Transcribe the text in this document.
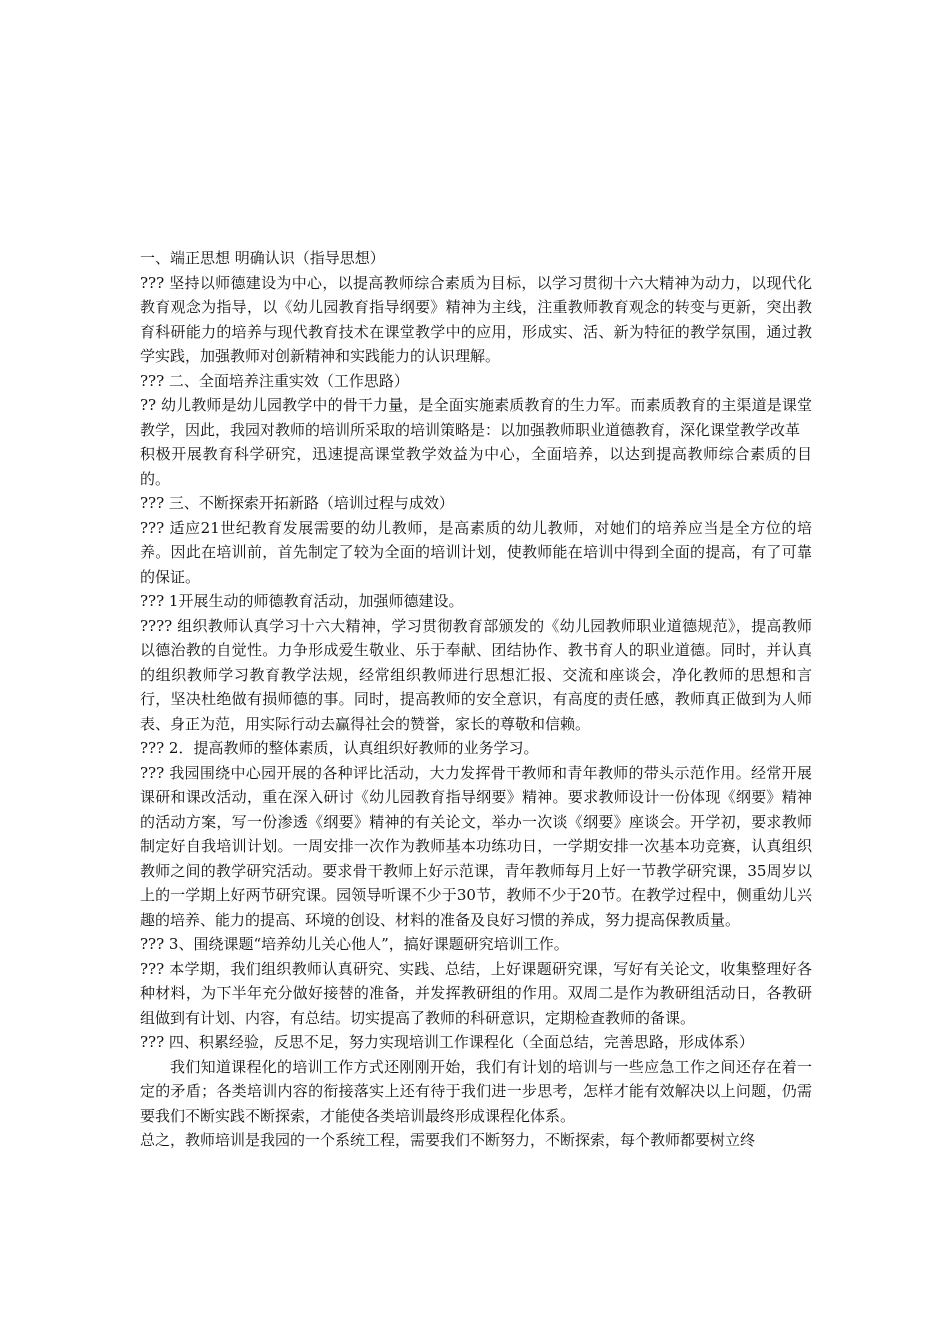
一、端正思想 明确认识（指导思想）

??? 坚持以师德建设为中心，以提高教师综合素质为目标，以学习贯彻十六大精神为动力，以现代化教育观念为指导，以《幼儿园教育指导纲要》精神为主线，注重教师教育观念的转变与更新，突出教育科研能力的培养与现代教育技术在课堂教学中的应用，形成实、活、新为特征的教学氛围，通过教学实践，加强教师对创新精神和实践能力的认识理解。

??? 二、全面培养注重实效（工作思路）

?? 幼儿教师是幼儿园教学中的骨干力量，是全面实施素质教育的生力军。而素质教育的主渠道是课堂教学，因此，我园对教师的培训所采取的培训策略是：以加强教师职业道德教育，深化课堂教学改革

积极开展教育科学研究，迅速提高课堂教学效益为中心，全面培养，以达到提高教师综合素质的目的。

??? 三、不断探索开拓新路（培训过程与成效）

??? 适应21世纪教育发展需要的幼儿教师，是高素质的幼儿教师，对她们的培养应当是全方位的培养。因此在培训前，首先制定了较为全面的培训计划，使教师能在培训中得到全面的提高，有了可靠的保证。

??? 1开展生动的师德教育活动，加强师德建设。

???? 组织教师认真学习十六大精神，学习贯彻教育部颁发的《幼儿园教师职业道德规范》，提高教师以德治教的自觉性。力争形成爱生敬业、乐于奉献、团结协作、教书育人的职业道德。同时，并认真的组织教师学习教育教学法规，经常组织教师进行思想汇报、交流和座谈会，净化教师的思想和言行，坚决杜绝做有损师德的事。同时，提高教师的安全意识，有高度的责任感，教师真正做到为人师表、身正为范，用实际行动去赢得社会的赞誉，家长的尊敬和信赖。

??? 2．提高教师的整体素质，认真组织好教师的业务学习。

??? 我园围绕中心园开展的各种评比活动，大力发挥骨干教师和青年教师的带头示范作用。经常开展课研和课改活动，重在深入研讨《幼儿园教育指导纲要》精神。要求教师设计一份体现《纲要》精神的活动方案，写一份渗透《纲要》精神的有关论文，举办一次谈《纲要》座谈会。开学初，要求教师制定好自我培训计划。一周安排一次作为教师基本功练功日，一学期安排一次基本功竞赛，认真组织教师之间的教学研究活动。要求骨干教师上好示范课，青年教师每月上好一节教学研究课，35周岁以上的一学期上好两节研究课。园领导听课不少于30节，教师不少于20节。在教学过程中，侧重幼儿兴趣的培养、能力的提高、环境的创设、材料的准备及良好习惯的养成，努力提高保教质量。

??? 3、围绕课题“培养幼儿关心他人”，搞好课题研究培训工作。

??? 本学期，我们组织教师认真研究、实践、总结，上好课题研究课，写好有关论文，收集整理好各种材料，为下半年充分做好接替的准备，并发挥教研组的作用。双周二是作为教研组活动日，各教研组做到有计划、内容，有总结。切实提高了教师的科研意识，定期检查教师的备课。

??? 四、积累经验，反思不足，努力实现培训工作课程化（全面总结，完善思路，形成体系）

我们知道课程化的培训工作方式还刚刚开始，我们有计划的培训与一些应急工作之间还存在着一定的矛盾；各类培训内容的衔接落实上还有待于我们进一步思考，怎样才能有效解决以上问题，仍需要我们不断实践不断探索，才能使各类培训最终形成课程化体系。

总之，教师培训是我园的一个系统工程，需要我们不断努力，不断探索，每个教师都要树立终
